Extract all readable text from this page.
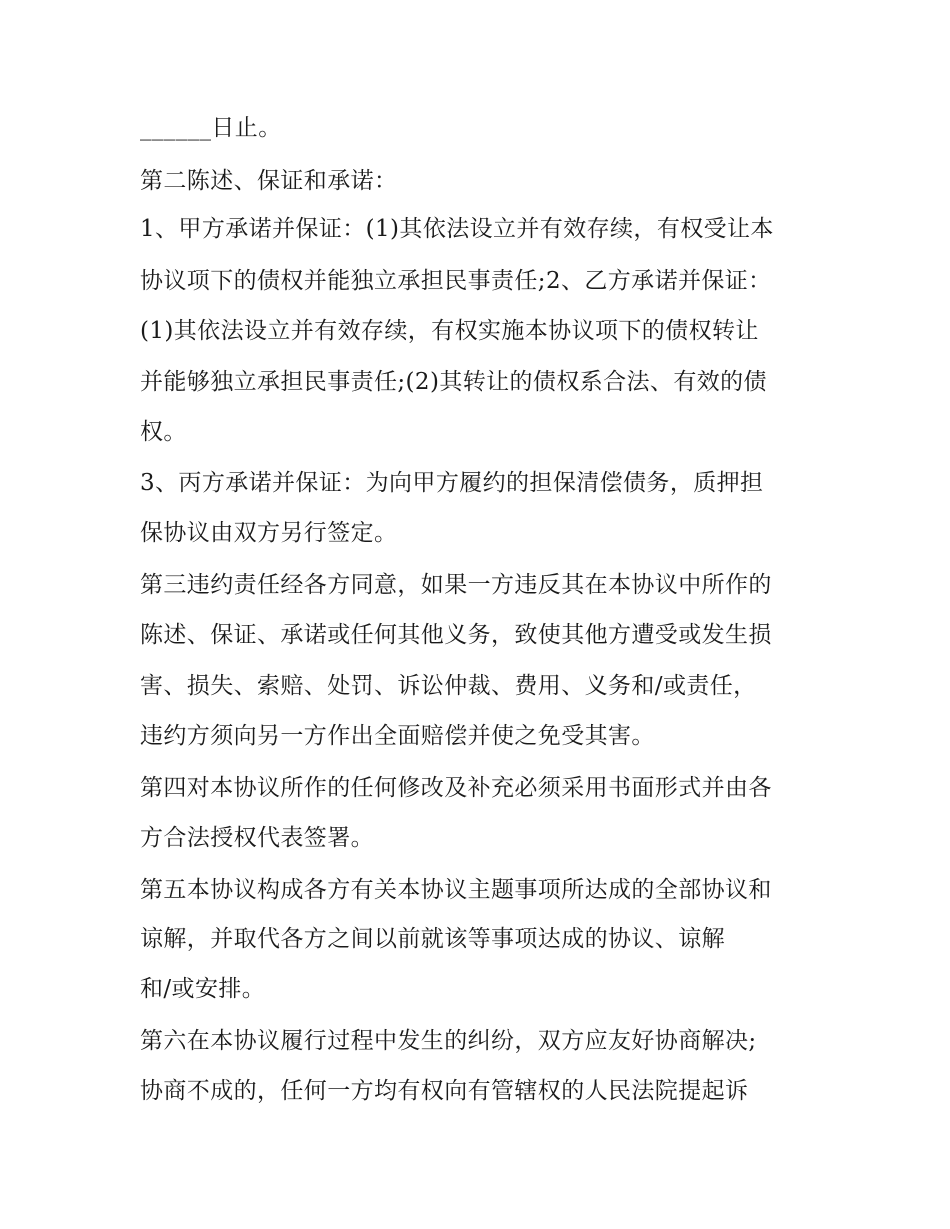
______日止。
第二陈述、保证和承诺：
1、甲方承诺并保证：(1)其依法设立并有效存续，有权受让本
协议项下的债权并能独立承担民事责任;2、乙方承诺并保证：
(1)其依法设立并有效存续，有权实施本协议项下的债权转让
并能够独立承担民事责任;(2)其转让的债权系合法、有效的债
权。
3、丙方承诺并保证：为向甲方履约的担保清偿债务，质押担
保协议由双方另行签定。
第三违约责任经各方同意，如果一方违反其在本协议中所作的
陈述、保证、承诺或任何其他义务，致使其他方遭受或发生损
害、损失、索赔、处罚、诉讼仲裁、费用、义务和/或责任，
违约方须向另一方作出全面赔偿并使之免受其害。
第四对本协议所作的任何修改及补充必须采用书面形式并由各
方合法授权代表签署。
第五本协议构成各方有关本协议主题事项所达成的全部协议和
谅解，并取代各方之间以前就该等事项达成的协议、谅解
和/或安排。
第六在本协议履行过程中发生的纠纷，双方应友好协商解决;
协商不成的，任何一方均有权向有管辖权的人民法院提起诉
